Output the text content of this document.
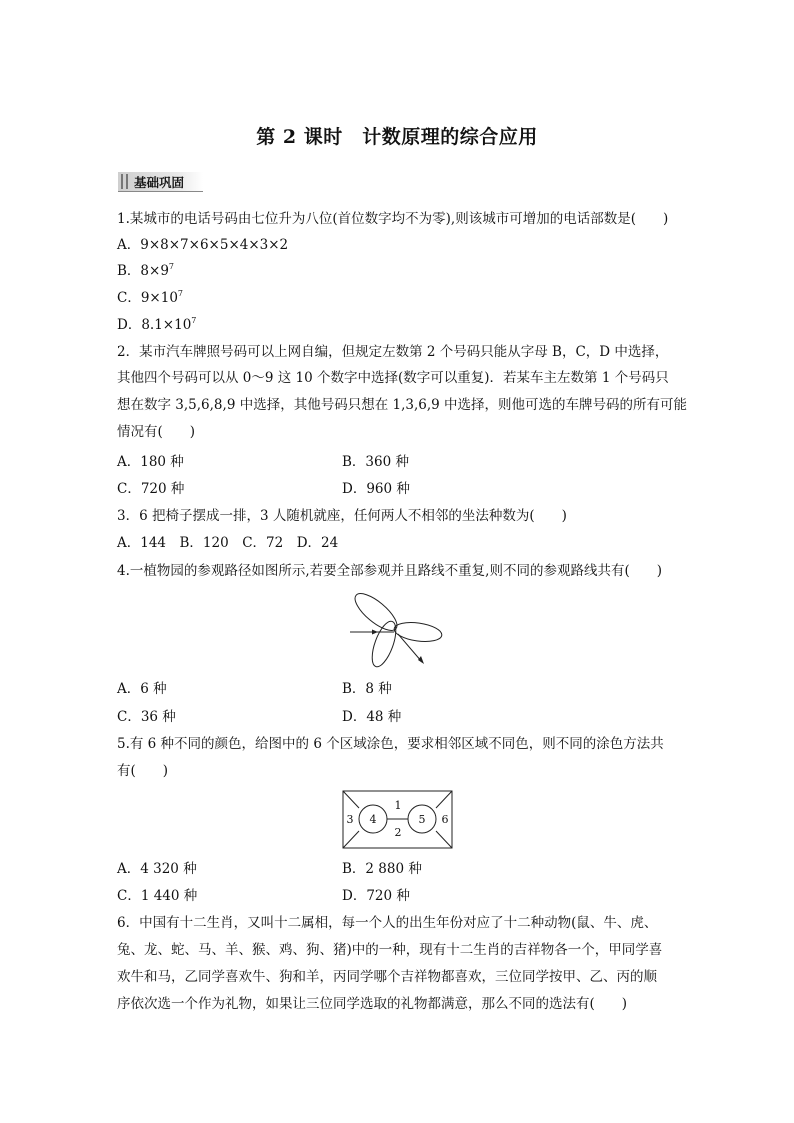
第 2 课时　计数原理的综合应用
基础巩固
1.某城市的电话号码由七位升为八位(首位数字均不为零),则该城市可增加的电话部数是(　　)
A．9×8×7×6×5×4×3×2
B．$8\times 9^7$
C．$9\times 10^7$
D．$8.1\times 10^7$
2．某市汽车牌照号码可以上网自编，但规定左数第 2 个号码只能从字母 B，C，D 中选择，
其他四个号码可以从 0～9 这 10 个数字中选择(数字可以重复)．若某车主左数第 1 个号码只
想在数字 3,5,6,8,9 中选择，其他号码只想在 1,3,6,9 中选择，则他可选的车牌号码的所有可能
情况有(　　)
A．180 种	B．360 种
C．720 种	D．960 种
3．6 把椅子摆成一排，3 人随机就座，任何两人不相邻的坐法种数为(　　)
A．144　B．120　C．72　D．24
4.一植物园的参观路径如图所示,若要全部参观并且路线不重复,则不同的参观路线共有(　　)
A．6 种	B．8 种
C．36 种	D．48 种
5.有 6 种不同的颜色，给图中的 6 个区域涂色，要求相邻区域不同色，则不同的涂色方法共
有(　　)
1
2
3 4	5 6
A．4 320 种	B．2 880 种
C．1 440 种	D．720 种
6．中国有十二生肖，又叫十二属相，每一个人的出生年份对应了十二种动物(鼠、牛、虎、
兔、龙、蛇、马、羊、猴、鸡、狗、猪)中的一种，现有十二生肖的吉祥物各一个，甲同学喜
欢牛和马，乙同学喜欢牛、狗和羊，丙同学哪个吉祥物都喜欢，三位同学按甲、乙、丙的顺
序依次选一个作为礼物，如果让三位同学选取的礼物都满意，那么不同的选法有(　　)
